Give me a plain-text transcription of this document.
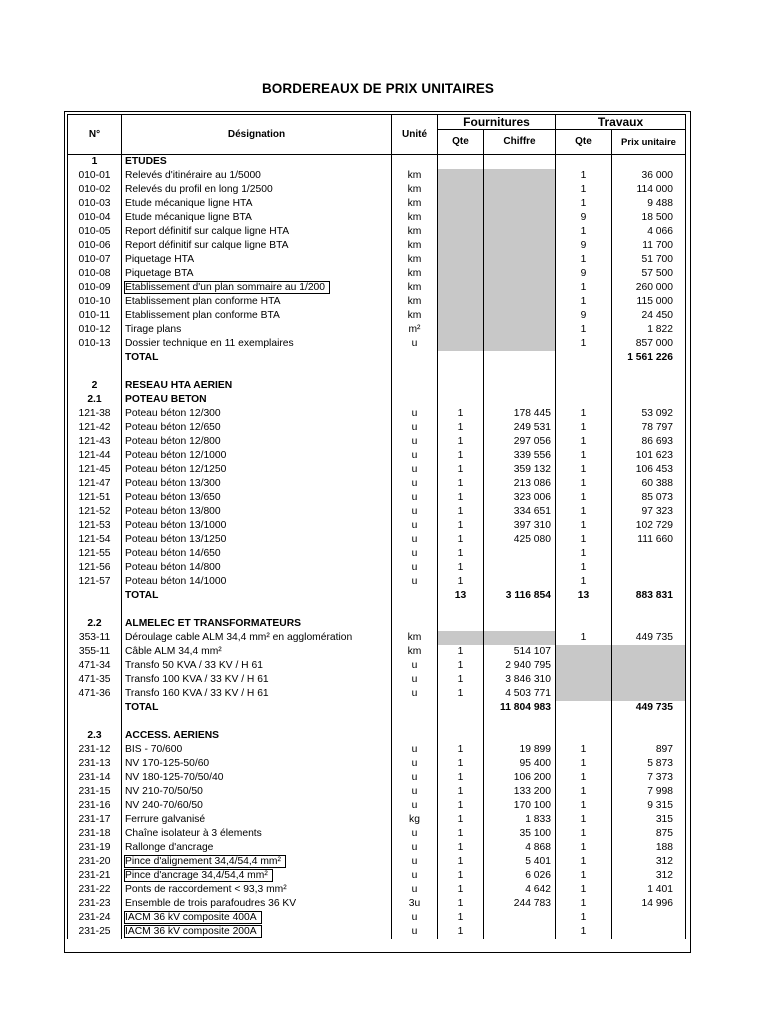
BORDEREAUX DE PRIX UNITAIRES
N°	Désignation	Unité	Fournitures		Travaux	
			Qte	Chiffre	Qte	Prix unitaire
1	ETUDES					
010-01	Relevés d'itinéraire au 1/5000	km			1	36 000
010-02	Relevés du profil en long 1/2500	km			1	114 000
010-03	Etude mécanique ligne HTA	km			1	9 488
010-04	Etude mécanique ligne BTA	km			9	18 500
010-05	Report définitif sur calque ligne HTA	km			1	4 066
010-06	Report définitif sur calque ligne BTA	km			9	11 700
010-07	Piquetage HTA	km			1	51 700
010-08	Piquetage BTA	km			9	57 500
010-09	Etablissement d'un plan sommaire au 1/200	km			1	260 000
010-10	Etablissement plan conforme HTA	km			1	115 000
010-11	Etablissement plan conforme BTA	km			9	24 450
010-12	Tirage plans	m²			1	1 822
010-13	Dossier technique en 11 exemplaires	u			1	857 000
	TOTAL					1 561 226

2	RESEAU HTA AERIEN					
2.1	POTEAU BETON					
121-38	Poteau béton 12/300	u	1	178 445	1	53 092
121-42	Poteau béton 12/650	u	1	249 531	1	78 797
121-43	Poteau béton 12/800	u	1	297 056	1	86 693
121-44	Poteau béton 12/1000	u	1	339 556	1	101 623
121-45	Poteau béton 12/1250	u	1	359 132	1	106 453
121-47	Poteau béton 13/300	u	1	213 086	1	60 388
121-51	Poteau béton 13/650	u	1	323 006	1	85 073
121-52	Poteau béton 13/800	u	1	334 651	1	97 323
121-53	Poteau béton 13/1000	u	1	397 310	1	102 729
121-54	Poteau béton 13/1250	u	1	425 080	1	111 660
121-55	Poteau béton 14/650	u	1		1	
121-56	Poteau béton 14/800	u	1		1	
121-57	Poteau béton 14/1000	u	1		1	
	TOTAL		13	3 116 854	13	883 831

2.2	ALMELEC ET TRANSFORMATEURS					
353-11	Déroulage cable ALM 34,4 mm² en agglomération	km			1	449 735
355-11	Câble ALM 34,4 mm²	km	1	514 107		
471-34	Transfo 50 KVA / 33 KV / H 61	u	1	2 940 795		
471-35	Transfo 100 KVA / 33 KV / H 61	u	1	3 846 310		
471-36	Transfo 160 KVA / 33 KV / H 61	u	1	4 503 771		
	TOTAL			11 804 983		449 735

2.3	ACCESS. AERIENS					
231-12	BIS - 70/600	u	1	19 899	1	897
231-13	NV 170-125-50/60	u	1	95 400	1	5 873
231-14	NV 180-125-70/50/40	u	1	106 200	1	7 373
231-15	NV 210-70/50/50	u	1	133 200	1	7 998
231-16	NV 240-70/60/50	u	1	170 100	1	9 315
231-17	Ferrure galvanisé	kg	1	1 833	1	315
231-18	Chaîne isolateur à 3 élements	u	1	35 100	1	875
231-19	Rallonge d'ancrage	u	1	4 868	1	188
231-20	Pince d'alignement 34,4/54,4 mm²	u	1	5 401	1	312
231-21	Pince d'ancrage 34,4/54,4 mm²	u	1	6 026	1	312
231-22	Ponts de raccordement < 93,3 mm²	u	1	4 642	1	1 401
231-23	Ensemble de trois parafoudres 36 KV	3u	1	244 783	1	14 996
231-24	IACM 36 kV composite 400A	u	1		1	
231-25	IACM 36 kV composite 200A	u	1		1	
